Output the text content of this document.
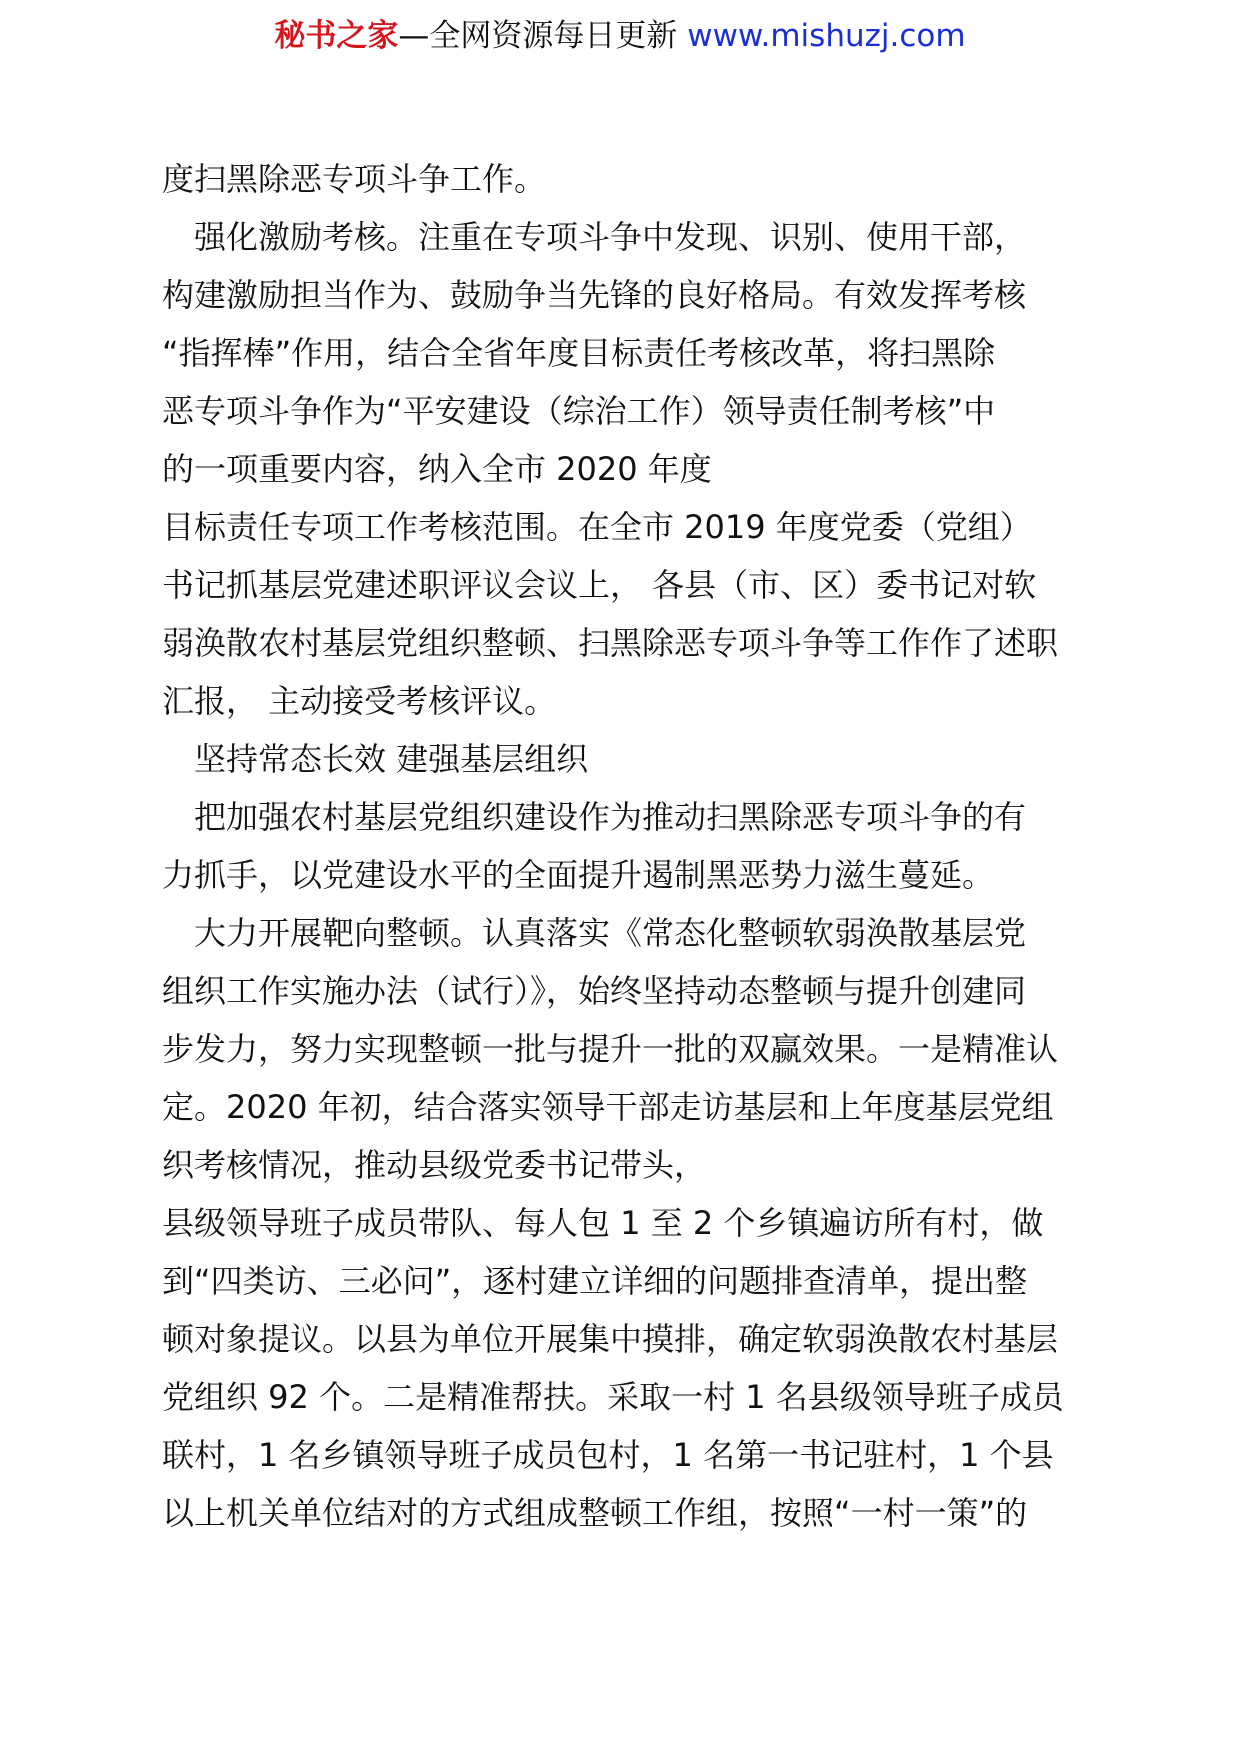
秘书之家—全网资源每日更新 www.mishuzj.com
度扫黑除恶专项斗争工作。
　强化激励考核。注重在专项斗争中发现、识别、使用干部，
构建激励担当作为、鼓励争当先锋的良好格局。有效发挥考核
“指挥棒”作用，结合全省年度目标责任考核改革，将扫黑除
恶专项斗争作为“平安建设（综治工作）领导责任制考核”中
的一项重要内容，纳入全市 2020 年度
目标责任专项工作考核范围。在全市 2019 年度党委（党组）
书记抓基层党建述职评议会议上， 各县（市、区）委书记对软
弱涣散农村基层党组织整顿、扫黑除恶专项斗争等工作作了述职
汇报， 主动接受考核评议。
　坚持常态长效 建强基层组织
　把加强农村基层党组织建设作为推动扫黑除恶专项斗争的有
力抓手，以党建设水平的全面提升遏制黑恶势力滋生蔓延。
　大力开展靶向整顿。认真落实《常态化整顿软弱涣散基层党
组织工作实施办法（试行）》，始终坚持动态整顿与提升创建同
步发力，努力实现整顿一批与提升一批的双赢效果。一是精准认
定。2020 年初，结合落实领导干部走访基层和上年度基层党组
织考核情况，推动县级党委书记带头，
县级领导班子成员带队、每人包 1 至 2 个乡镇遍访所有村，做
到“四类访、三必问”，逐村建立详细的问题排查清单，提出整
顿对象提议。以县为单位开展集中摸排，确定软弱涣散农村基层
党组织 92 个。二是精准帮扶。采取一村 1 名县级领导班子成员
联村，1 名乡镇领导班子成员包村，1 名第一书记驻村，1 个县
以上机关单位结对的方式组成整顿工作组，按照“一村一策”的
